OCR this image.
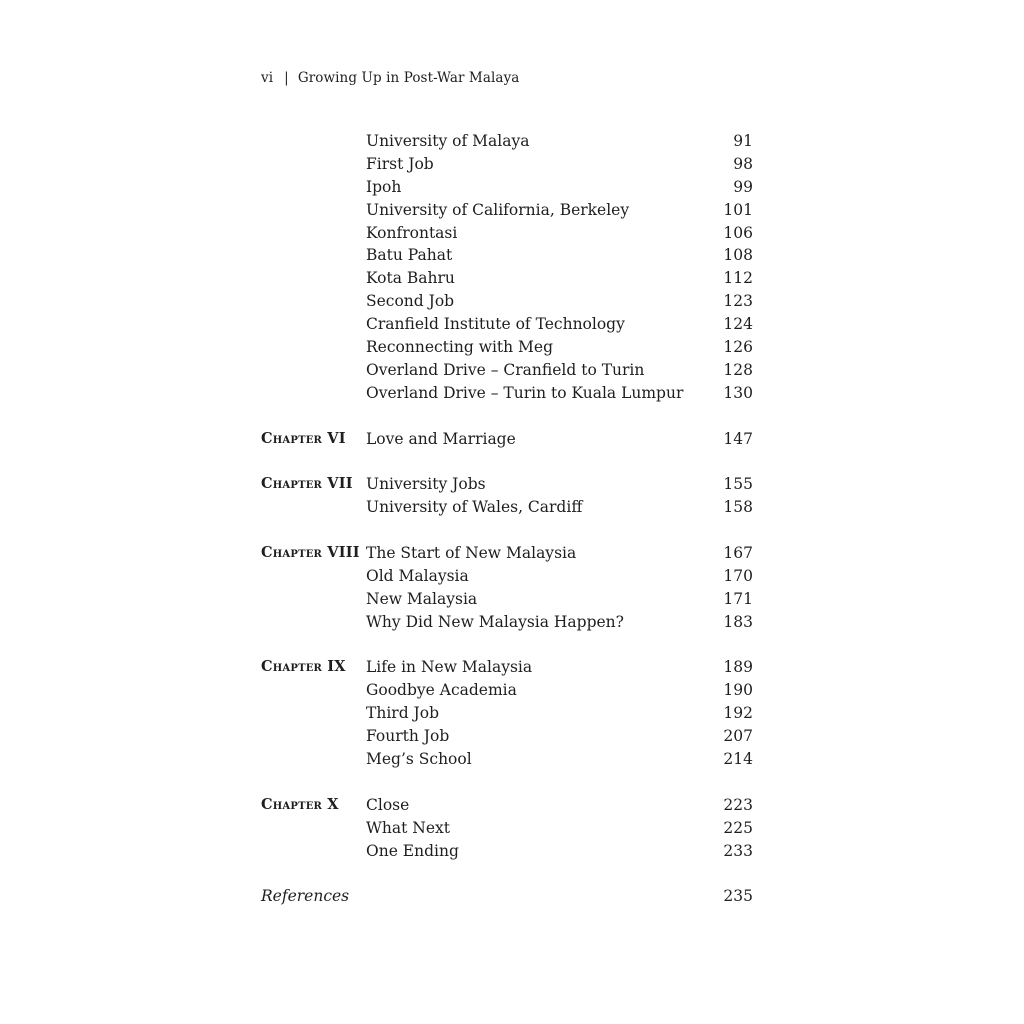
vi | Growing Up in Post-War Malaya
University of Malaya	91
First Job	98
Ipoh	99
University of California, Berkeley	101
Konfrontasi	106
Batu Pahat	108
Kota Bahru	112
Second Job	123
Cranfield Institute of Technology	124
Reconnecting with Meg	126
Overland Drive – Cranfield to Turin	128
Overland Drive – Turin to Kuala Lumpur	130
Chapter VI Love and Marriage	147
Chapter VII University Jobs	155
University of Wales, Cardiff	158
Chapter VIII The Start of New Malaysia	167
Old Malaysia	170
New Malaysia	171
Why Did New Malaysia Happen?	183
Chapter IX Life in New Malaysia	189
Goodbye Academia	190
Third Job	192
Fourth Job	207
Meg’s School	214
Chapter X Close	223
What Next	225
One Ending	233
References	235
